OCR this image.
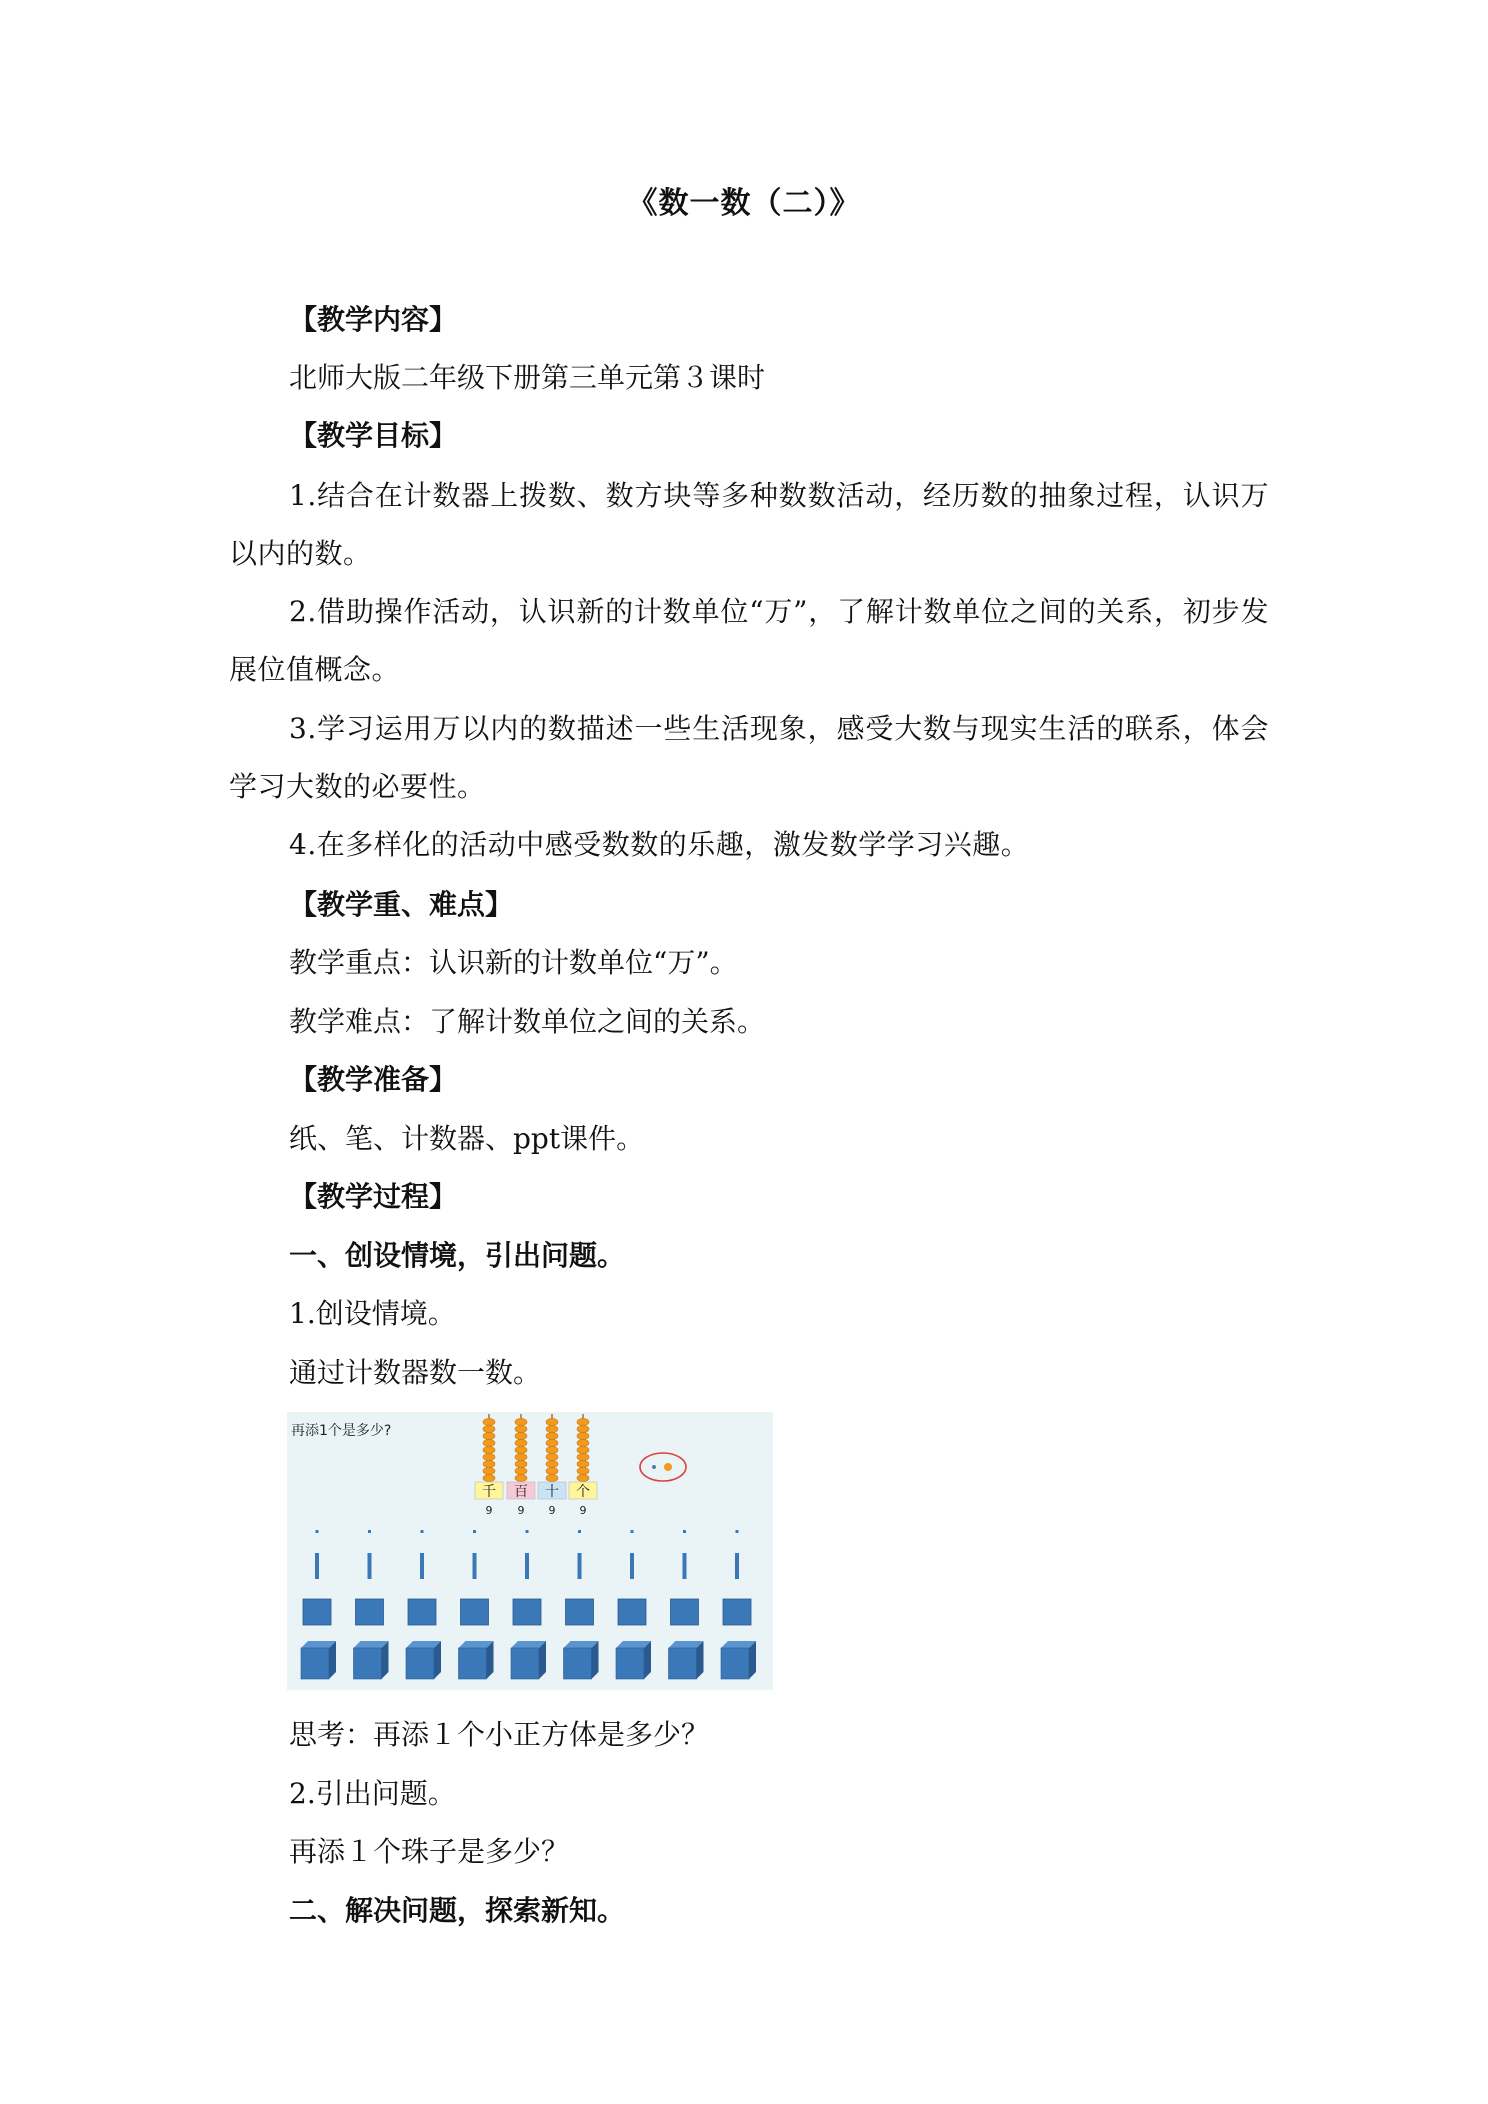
《数一数（二）》
【教学内容】
北师大版二年级下册第三单元第３课时
【教学目标】
1.结合在计数器上拨数、数方块等多种数数活动，经历数的抽象过程，认识万以内的数。
2.借助操作活动，认识新的计数单位“万”，了解计数单位之间的关系，初步发展位值概念。
3.学习运用万以内的数描述一些生活现象，感受大数与现实生活的联系，体会学习大数的必要性。
4.在多样化的活动中感受数数的乐趣，激发数学学习兴趣。
【教学重、难点】
教学重点：认识新的计数单位“万”。
教学难点：了解计数单位之间的关系。
【教学准备】
纸、笔、计数器、ppt课件。
【教学过程】
一、创设情境，引出问题。
1.创设情境。
通过计数器数一数。
再添1个是多少?
千
9
百
9
十
9
个
9
思考：再添１个小正方体是多少？
2.引出问题。
再添１个珠子是多少？
二、解决问题，探索新知。
